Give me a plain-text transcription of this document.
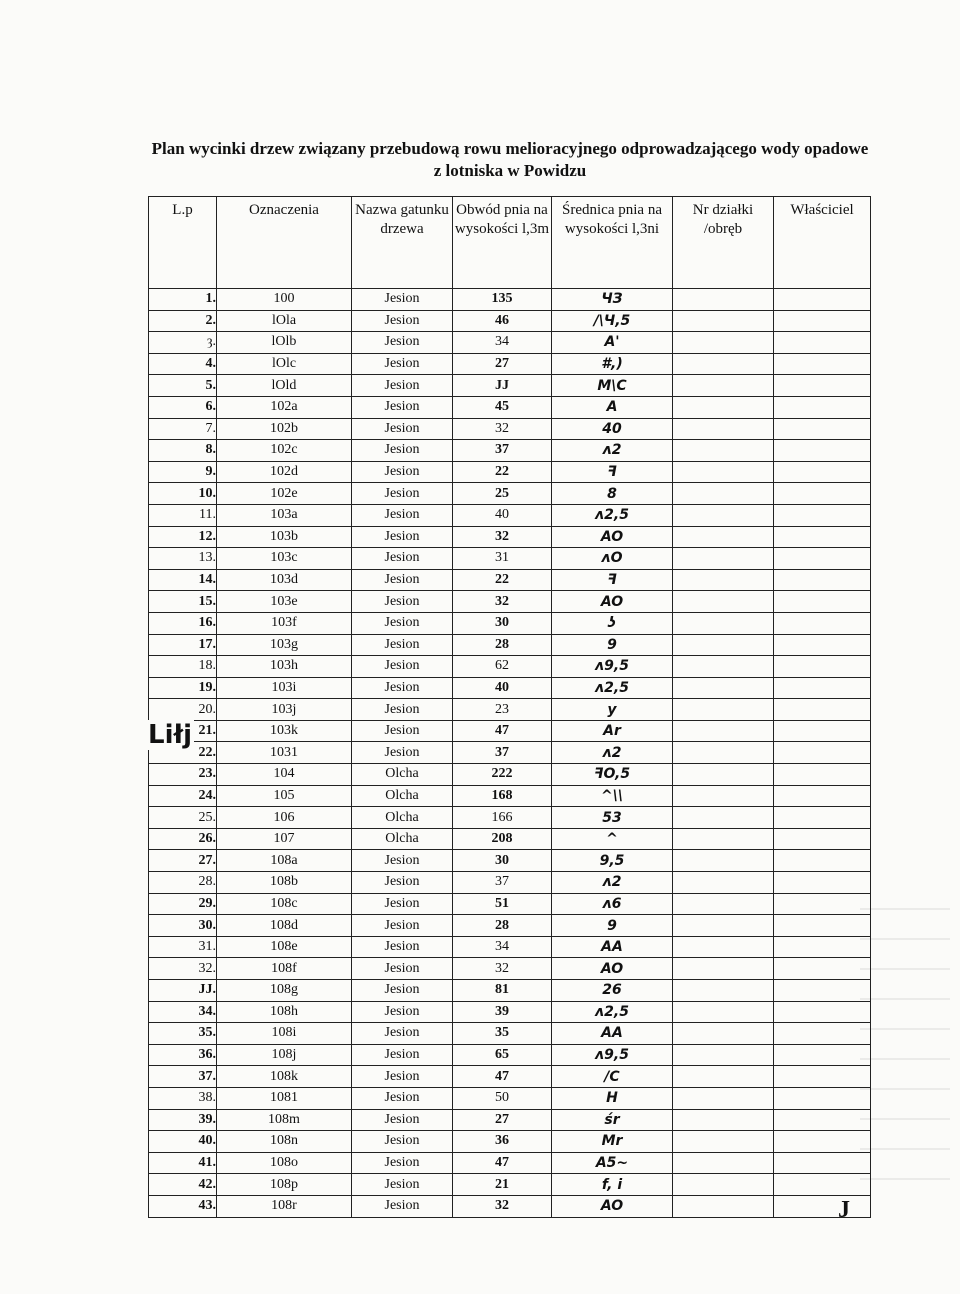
Plan wycinki drzew związany przebudową rowu melioracyjnego odprowadzającego wody opadowe z lotniska w Powidzu
L.p	Oznaczenia	Nazwa gatunku drzewa	Obwód pnia na wysokości l,3m	Średnica pnia na wysokości l,3ni	Nr działki /obręb	Właściciel
1.	100	Jesion	135	ЧЗ		
2.	lOla	Jesion	46	/\Ч,5		
ȝ.	lOlb	Jesion	34	A'		
4.	lOlc	Jesion	27	#,)		
5.	lOld	Jesion	JJ	M\C		
6.	102a	Jesion	45	A		
7.	102b	Jesion	32	40		
8.	102c	Jesion	37	ʌ2		
9.	102d	Jesion	22	ꟻ		
10.	102e	Jesion	25	8		
11.	103a	Jesion	40	ʌ2,5		
12.	103b	Jesion	32	AO		
13.	103c	Jesion	31	ʌO		
14.	103d	Jesion	22	ꟻ		
15.	103e	Jesion	32	AO		
16.	103f	Jesion	30	ʖ		
17.	103g	Jesion	28	9		
18.	103h	Jesion	62	ʌ9,5		
19.	103i	Jesion	40	ʌ2,5		
20.	103j	Jesion	23	y		
21.	103k	Jesion	47	Ar		
22.	1031	Jesion	37	ʌ2		
23.	104	Olcha	222	ꟻO,5		
24.	105	Olcha	168	^\\		
25.	106	Olcha	166	53		
26.	107	Olcha	208	^		
27.	108a	Jesion	30	9,5		
28.	108b	Jesion	37	ʌ2		
29.	108c	Jesion	51	ʌ6		
30.	108d	Jesion	28	9		
31.	108e	Jesion	34	AA		
32.	108f	Jesion	32	AO		
JJ.	108g	Jesion	81	26		
34.	108h	Jesion	39	ʌ2,5		
35.	108i	Jesion	35	AA		
36.	108j	Jesion	65	ʌ9,5		
37.	108k	Jesion	47	/C		
38.	1081	Jesion	50	H		
39.	108m	Jesion	27	śr		
40.	108n	Jesion	36	Mr		
41.	108o	Jesion	47	A5~		
42.	108p	Jesion	21	f, i		
43.	108r	Jesion	32	AO		
Liłj
J
